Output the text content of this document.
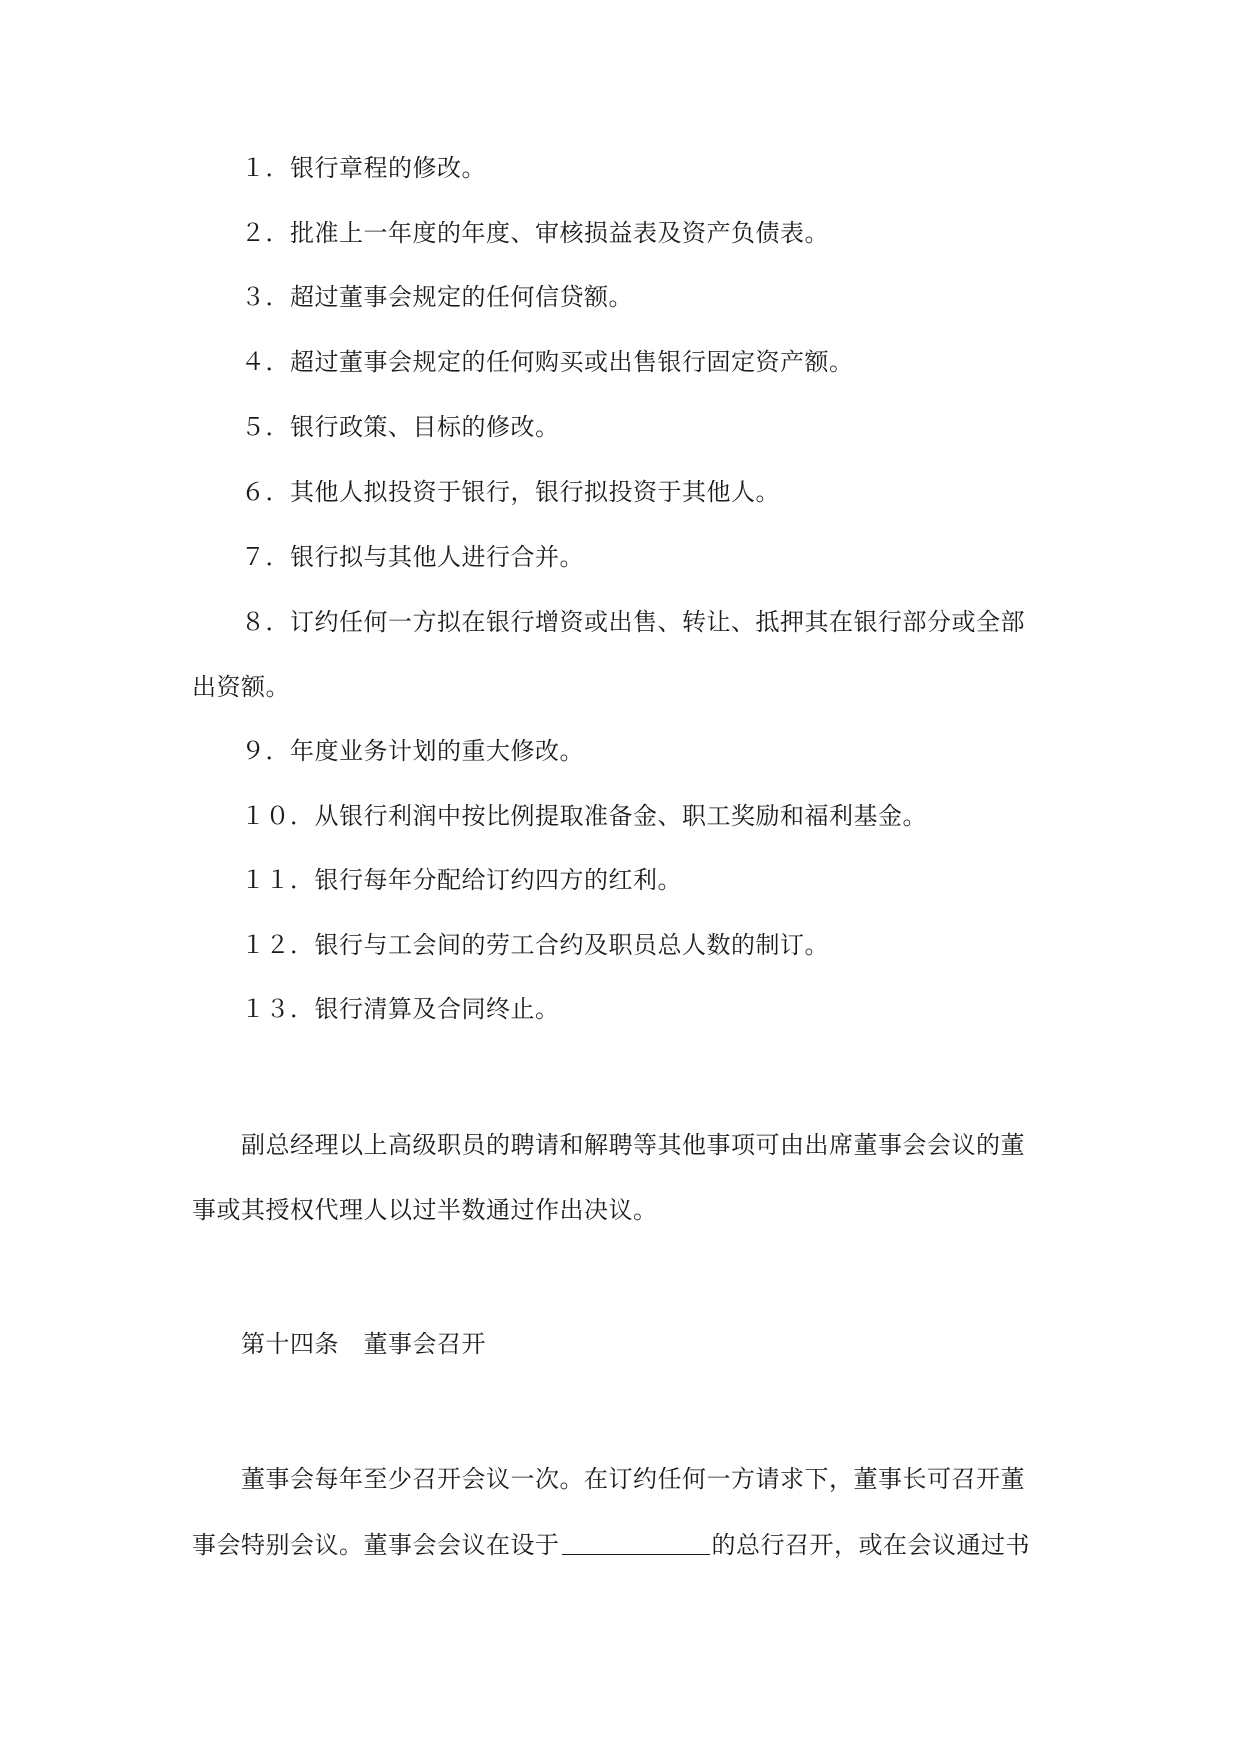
１．银行章程的修改。
２．批准上一年度的年度、审核损益表及资产负债表。
３．超过董事会规定的任何信贷额。
４．超过董事会规定的任何购买或出售银行固定资产额。
５．银行政策、目标的修改。
６．其他人拟投资于银行，银行拟投资于其他人。
７．银行拟与其他人进行合并。
８．订约任何一方拟在银行增资或出售、转让、抵押其在银行部分或全部
出资额。
９．年度业务计划的重大修改。
１０．从银行利润中按比例提取准备金、职工奖励和福利基金。
１１．银行每年分配给订约四方的红利。
１２．银行与工会间的劳工合约及职员总人数的制订。
１３．银行清算及合同终止。
副总经理以上高级职员的聘请和解聘等其他事项可由出席董事会会议的董
事或其授权代理人以过半数通过作出决议。
第十四条　董事会召开
董事会每年至少召开会议一次。在订约任何一方请求下，董事长可召开董
事会特别会议。董事会会议在设于	的总行召开，或在会议通过书
